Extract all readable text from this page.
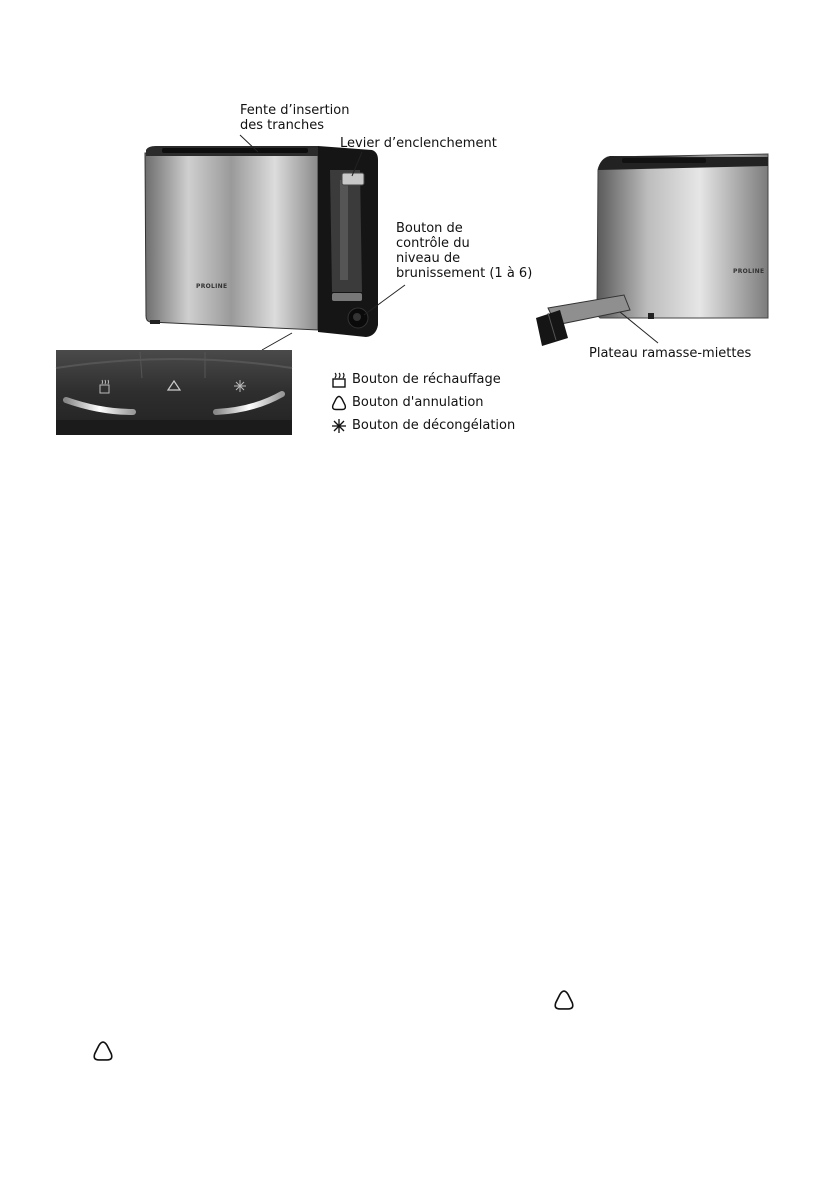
PROLINE
PROLINE
Fente d’insertion
des tranches
Levier d’enclenchement
Bouton de
contrôle du
niveau de
brunissement (1 à 6)
Plateau ramasse-miettes
Bouton de réchauffage
Bouton d'annulation
Bouton de décongélation
